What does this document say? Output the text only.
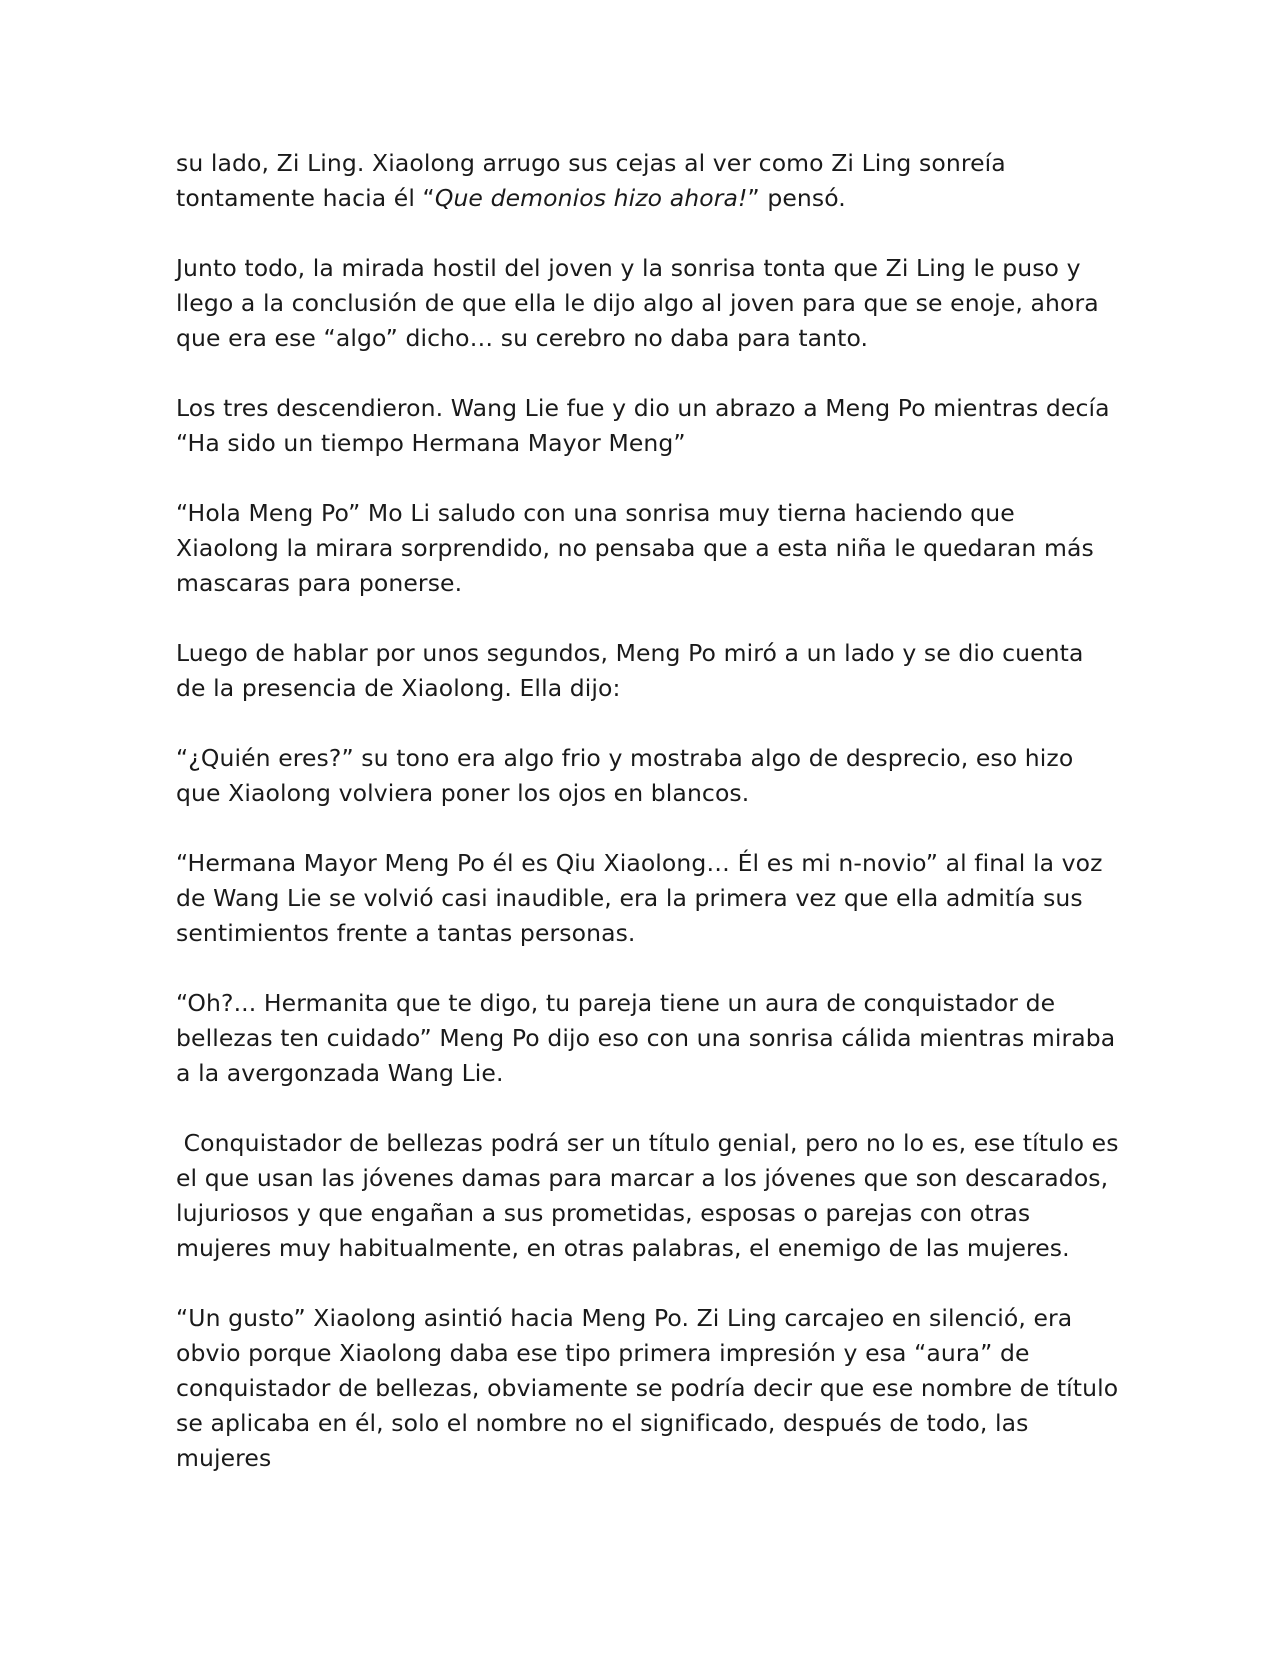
su lado, Zi Ling. Xiaolong arrugo sus cejas al ver como Zi Ling sonreía tontamente hacia él “Que demonios hizo ahora!” pensó.

Junto todo, la mirada hostil del joven y la sonrisa tonta que Zi Ling le puso y llego a la conclusión de que ella le dijo algo al joven para que se enoje, ahora que era ese “algo” dicho… su cerebro no daba para tanto.

Los tres descendieron. Wang Lie fue y dio un abrazo a Meng Po mientras decía “Ha sido un tiempo Hermana Mayor Meng”

“Hola Meng Po” Mo Li saludo con una sonrisa muy tierna haciendo que Xiaolong la mirara sorprendido, no pensaba que a esta niña le quedaran más mascaras para ponerse.

Luego de hablar por unos segundos, Meng Po miró a un lado y se dio cuenta de la presencia de Xiaolong. Ella dijo:

“¿Quién eres?” su tono era algo frio y mostraba algo de desprecio, eso hizo que Xiaolong volviera poner los ojos en blancos.

“Hermana Mayor Meng Po él es Qiu Xiaolong… Él es mi n-novio” al final la voz de Wang Lie se volvió casi inaudible, era la primera vez que ella admitía sus sentimientos frente a tantas personas.

“Oh?... Hermanita que te digo, tu pareja tiene un aura de conquistador de bellezas ten cuidado” Meng Po dijo eso con una sonrisa cálida mientras miraba a la avergonzada Wang Lie.

Conquistador de bellezas podrá ser un título genial, pero no lo es, ese título es el que usan las jóvenes damas para marcar a los jóvenes que son descarados, lujuriosos y que engañan a sus prometidas, esposas o parejas con otras mujeres muy habitualmente, en otras palabras, el enemigo de las mujeres.

“Un gusto” Xiaolong asintió hacia Meng Po. Zi Ling carcajeo en silenció, era obvio porque Xiaolong daba ese tipo primera impresión y esa “aura” de conquistador de bellezas, obviamente se podría decir que ese nombre de título se aplicaba en él, solo el nombre no el significado, después de todo, las mujeres
